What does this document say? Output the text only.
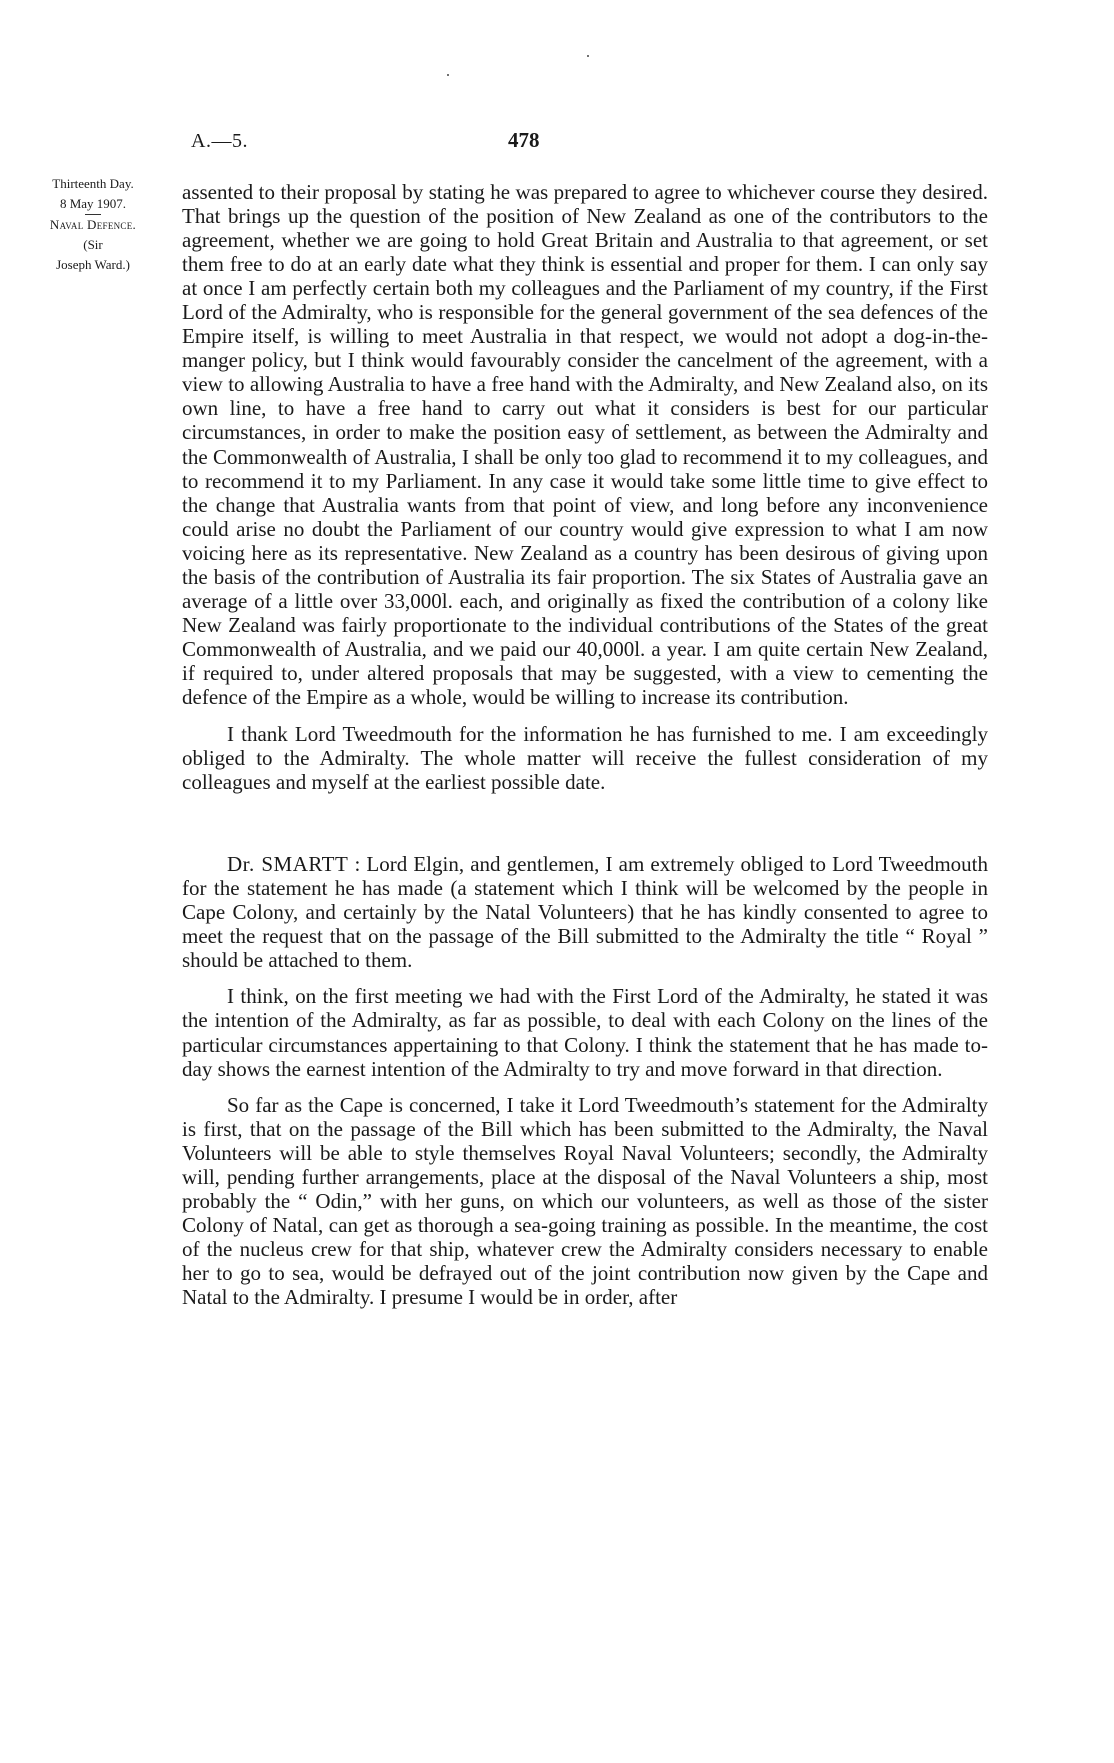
A.—5.	478
Thirteenth Day.
8 May 1907.
Naval Defence.
(Sir
Joseph Ward.)

assented to their proposal by stating he was prepared to agree to whichever course they desired. That brings up the question of the position of New Zealand as one of the contributors to the agreement, whether we are going to hold Great Britain and Australia to that agreement, or set them free to do at an early date what they think is essential and proper for them. I can only say at once I am perfectly certain both my colleagues and the Parliament of my country, if the First Lord of the Admiralty, who is responsible for the general government of the sea defences of the Empire itself, is willing to meet Australia in that respect, we would not adopt a dog-in-the-manger policy, but I think would favourably consider the cancelment of the agreement, with a view to allowing Australia to have a free hand with the Admiralty, and New Zealand also, on its own line, to have a free hand to carry out what it considers is best for our particular circumstances, in order to make the position easy of settlement, as between the Admiralty and the Commonwealth of Australia, I shall be only too glad to recommend it to my colleagues, and to recommend it to my Parliament. In any case it would take some little time to give effect to the change that Australia wants from that point of view, and long before any inconvenience could arise no doubt the Parliament of our country would give expression to what I am now voicing here as its representative. New Zealand as a country has been desirous of giving upon the basis of the contribution of Australia its fair proportion. The six States of Australia gave an average of a little over 33,000l. each, and originally as fixed the contribution of a colony like New Zealand was fairly proportionate to the individual contributions of the States of the great Commonwealth of Australia, and we paid our 40,000l. a year. I am quite certain New Zealand, if required to, under altered proposals that may be suggested, with a view to cementing the defence of the Empire as a whole, would be willing to increase its contribution.

I thank Lord Tweedmouth for the information he has furnished to me. I am exceedingly obliged to the Admiralty. The whole matter will receive the fullest consideration of my colleagues and myself at the earliest possible date.

Dr. SMARTT : Lord Elgin, and gentlemen, I am extremely obliged to Lord Tweedmouth for the statement he has made (a statement which I think will be welcomed by the people in Cape Colony, and certainly by the Natal Volunteers) that he has kindly consented to agree to meet the request that on the passage of the Bill submitted to the Admiralty the title “ Royal ” should be attached to them.

I think, on the first meeting we had with the First Lord of the Admiralty, he stated it was the intention of the Admiralty, as far as possible, to deal with each Colony on the lines of the particular circumstances appertaining to that Colony. I think the statement that he has made to-day shows the earnest intention of the Admiralty to try and move forward in that direction.

So far as the Cape is concerned, I take it Lord Tweedmouth’s statement for the Admiralty is first, that on the passage of the Bill which has been submitted to the Admiralty, the Naval Volunteers will be able to style themselves Royal Naval Volunteers; secondly, the Admiralty will, pending further arrangements, place at the disposal of the Naval Volunteers a ship, most probably the “ Odin,” with her guns, on which our volunteers, as well as those of the sister Colony of Natal, can get as thorough a sea-going training as possible. In the meantime, the cost of the nucleus crew for that ship, whatever crew the Admiralty considers necessary to enable her to go to sea, would be defrayed out of the joint contribution now given by the Cape and Natal to the Admiralty. I presume I would be in order, after
